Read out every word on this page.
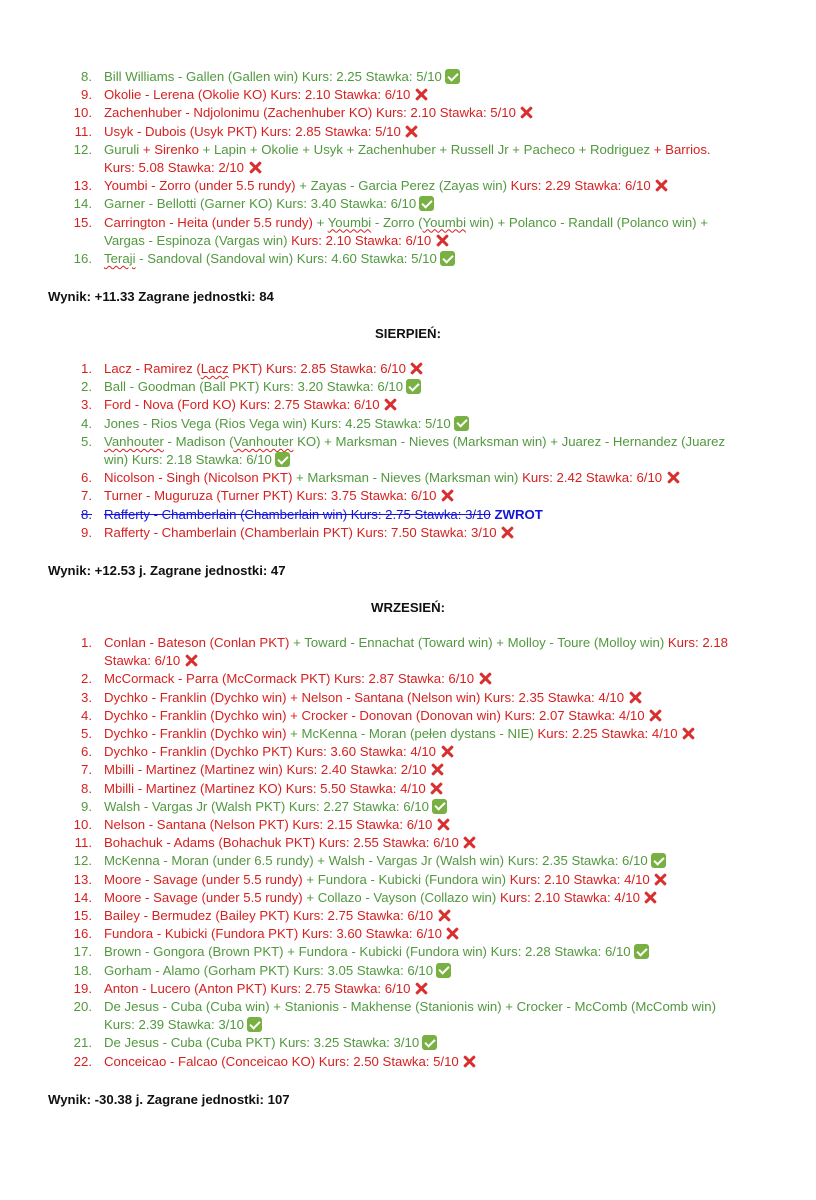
8. Bill Williams - Gallen (Gallen win) Kurs: 2.25 Stawka: 5/10
9. Okolie - Lerena (Okolie KO) Kurs: 2.10 Stawka: 6/10
10. Zachenhuber - Ndjolonimu (Zachenhuber KO) Kurs: 2.10 Stawka: 5/10
11. Usyk - Dubois (Usyk PKT) Kurs: 2.85 Stawka: 5/10
12. Guruli + Sirenko + Lapin + Okolie + Usyk + Zachenhuber + Russell Jr + Pacheco + Rodriguez + Barrios. Kurs: 5.08 Stawka: 2/10
13. Youmbi - Zorro (under 5.5 rundy) + Zayas - Garcia Perez (Zayas win) Kurs: 2.29 Stawka: 6/10
14. Garner - Bellotti (Garner KO) Kurs: 3.40 Stawka: 6/10
15. Carrington - Heita (under 5.5 rundy) + Youmbi - Zorro (Youmbi win) + Polanco - Randall (Polanco win) + Vargas - Espinoza (Vargas win) Kurs: 2.10 Stawka: 6/10
16. Teraji - Sandoval (Sandoval win) Kurs: 4.60 Stawka: 5/10
Wynik: +11.33 Zagrane jednostki: 84
SIERPIEŃ:
1. Lacz - Ramirez (Lacz PKT) Kurs: 2.85 Stawka: 6/10
2. Ball - Goodman (Ball PKT) Kurs: 3.20 Stawka: 6/10
3. Ford - Nova (Ford KO) Kurs: 2.75 Stawka: 6/10
4. Jones - Rios Vega (Rios Vega win) Kurs: 4.25 Stawka: 5/10
5. Vanhouter - Madison (Vanhouter KO) + Marksman - Nieves (Marksman win) + Juarez - Hernandez (Juarez win) Kurs: 2.18 Stawka: 6/10
6. Nicolson - Singh (Nicolson PKT) + Marksman - Nieves (Marksman win) Kurs: 2.42 Stawka: 6/10
7. Turner - Muguruza (Turner PKT) Kurs: 3.75 Stawka: 6/10
8. Rafferty - Chamberlain (Chamberlain win) Kurs: 2.75 Stawka: 3/10 ZWROT
9. Rafferty - Chamberlain (Chamberlain PKT) Kurs: 7.50 Stawka: 3/10
Wynik: +12.53 j. Zagrane jednostki: 47
WRZESIEŃ:
1. Conlan - Bateson (Conlan PKT) + Toward - Ennachat (Toward win) + Molloy - Toure (Molloy win) Kurs: 2.18 Stawka: 6/10
2. McCormack - Parra (McCormack PKT) Kurs: 2.87 Stawka: 6/10
3. Dychko - Franklin (Dychko win) + Nelson - Santana (Nelson win) Kurs: 2.35 Stawka: 4/10
4. Dychko - Franklin (Dychko win) + Crocker - Donovan (Donovan win) Kurs: 2.07 Stawka: 4/10
5. Dychko - Franklin (Dychko win) + McKenna - Moran (pełen dystans - NIE) Kurs: 2.25 Stawka: 4/10
6. Dychko - Franklin (Dychko PKT) Kurs: 3.60 Stawka: 4/10
7. Mbilli - Martinez (Martinez win) Kurs: 2.40 Stawka: 2/10
8. Mbilli - Martinez (Martinez KO) Kurs: 5.50 Stawka: 4/10
9. Walsh - Vargas Jr (Walsh PKT) Kurs: 2.27 Stawka: 6/10
10. Nelson - Santana (Nelson PKT) Kurs: 2.15 Stawka: 6/10
11. Bohachuk - Adams (Bohachuk PKT) Kurs: 2.55 Stawka: 6/10
12. McKenna - Moran (under 6.5 rundy) + Walsh - Vargas Jr (Walsh win) Kurs: 2.35 Stawka: 6/10
13. Moore - Savage (under 5.5 rundy) + Fundora - Kubicki (Fundora win) Kurs: 2.10 Stawka: 4/10
14. Moore - Savage (under 5.5 rundy) + Collazo - Vayson (Collazo win) Kurs: 2.10 Stawka: 4/10
15. Bailey - Bermudez (Bailey PKT) Kurs: 2.75 Stawka: 6/10
16. Fundora - Kubicki (Fundora PKT) Kurs: 3.60 Stawka: 6/10
17. Brown - Gongora (Brown PKT) + Fundora - Kubicki (Fundora win) Kurs: 2.28 Stawka: 6/10
18. Gorham - Alamo (Gorham PKT) Kurs: 3.05 Stawka: 6/10
19. Anton - Lucero (Anton PKT) Kurs: 2.75 Stawka: 6/10
20. De Jesus - Cuba (Cuba win) + Stanionis - Makhense (Stanionis win) + Crocker - McComb (McComb win) Kurs: 2.39 Stawka: 3/10
21. De Jesus - Cuba (Cuba PKT) Kurs: 3.25 Stawka: 3/10
22. Conceicao - Falcao (Conceicao KO) Kurs: 2.50 Stawka: 5/10
Wynik: -30.38 j. Zagrane jednostki: 107
